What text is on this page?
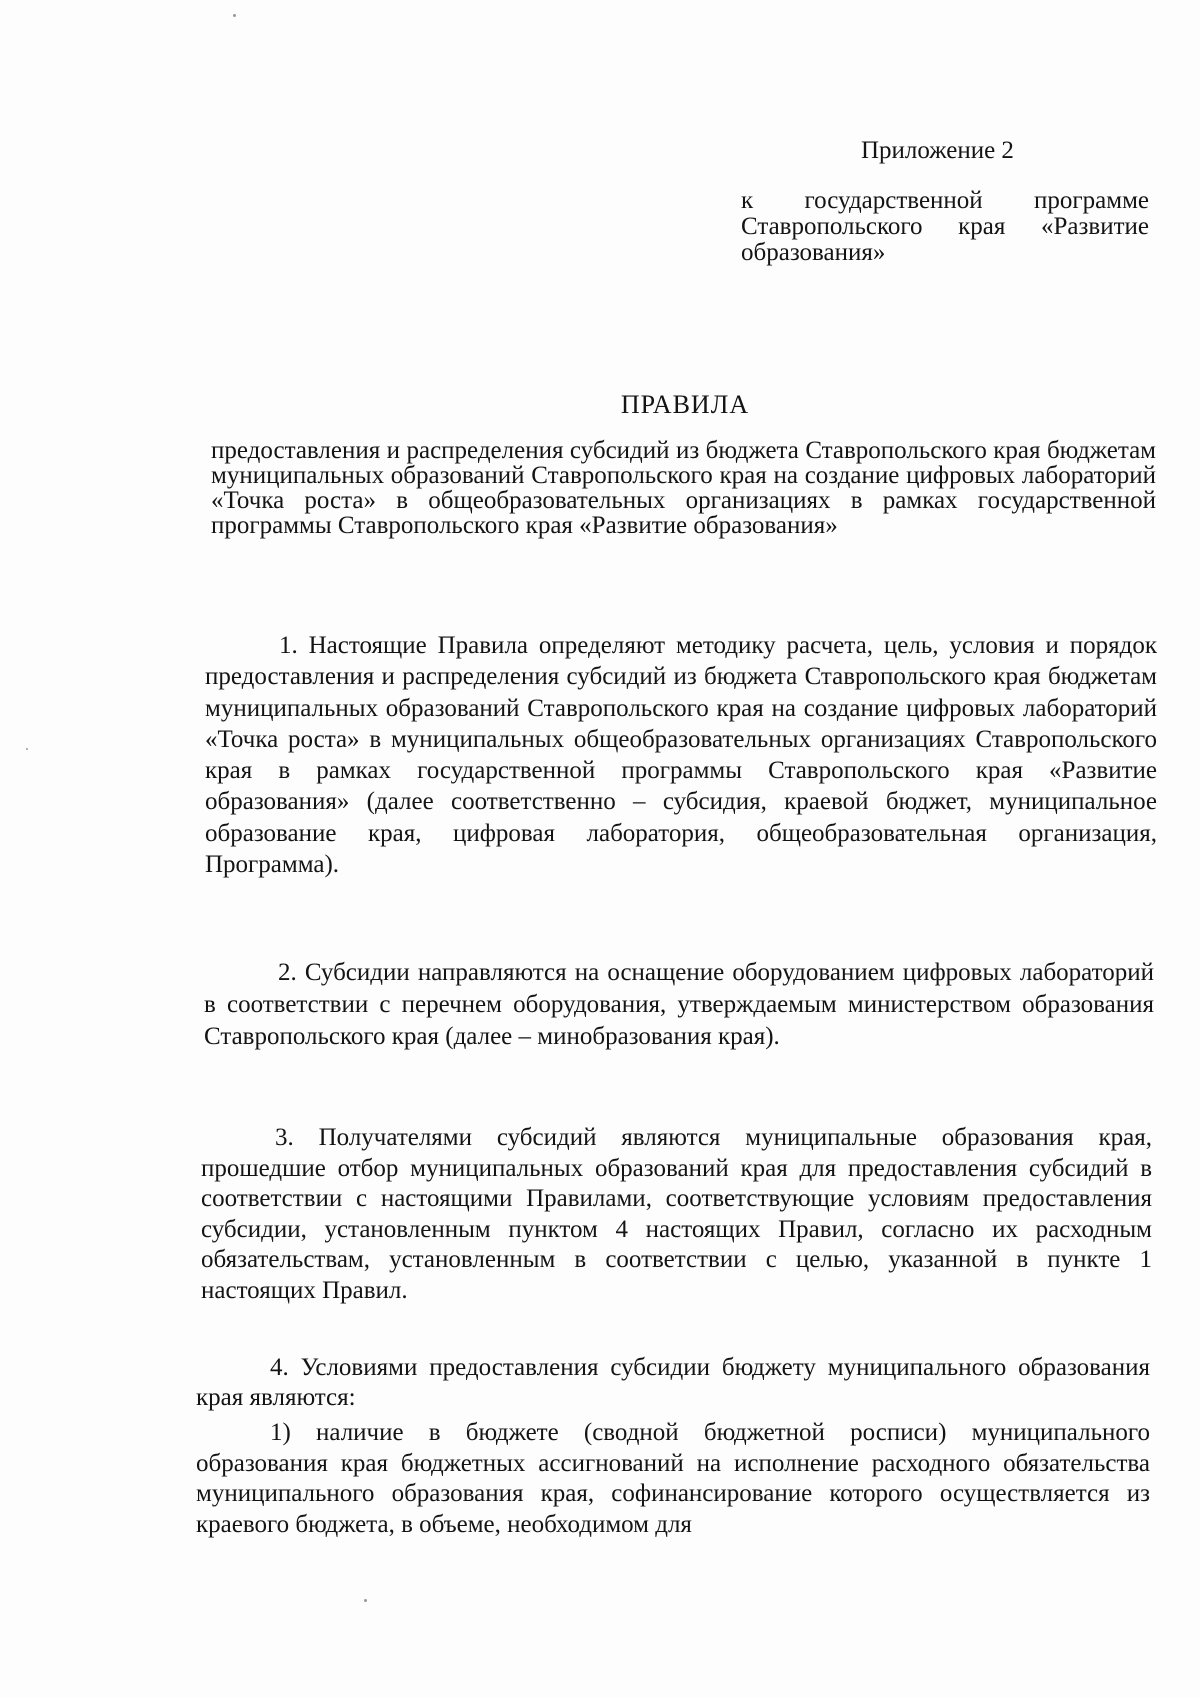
Приложение 2
к государственной программе Ставропольского края «Развитие образования»
ПРАВИЛА
предоставления и распределения субсидий из бюджета Ставропольского края бюджетам муниципальных образований Ставропольского края на создание цифровых лабораторий «Точка роста» в общеобразовательных организациях в рамках государственной программы Ставропольского края «Развитие образования»

1. Настоящие Правила определяют методику расчета, цель, условия и порядок предоставления и распределения субсидий из бюджета Ставропольского края бюджетам муниципальных образований Ставропольского края на создание цифровых лабораторий «Точка роста» в муниципальных общеобразовательных организациях Ставропольского края в рамках государственной программы Ставропольского края «Развитие образования» (далее соответственно – субсидия, краевой бюджет, муниципальное образование края, цифровая лаборатория, общеобразовательная организация, Программа).

2. Субсидии направляются на оснащение оборудованием цифровых лабораторий в соответствии с перечнем оборудования, утверждаемым министерством образования Ставропольского края (далее – минобразования края).

3. Получателями субсидий являются муниципальные образования края, прошедшие отбор муниципальных образований края для предоставления субсидий в соответствии с настоящими Правилами, соответствующие условиям предоставления субсидии, установленным пунктом 4 настоящих Правил, согласно их расходным обязательствам, установленным в соответствии с целью, указанной в пункте 1 настоящих Правил.

4. Условиями предоставления субсидии бюджету муниципального образования края являются:

1) наличие в бюджете (сводной бюджетной росписи) муниципального образования края бюджетных ассигнований на исполнение расходного обязательства муниципального образования края, софинансирование которого осуществляется из краевого бюджета, в объеме, необходимом для
